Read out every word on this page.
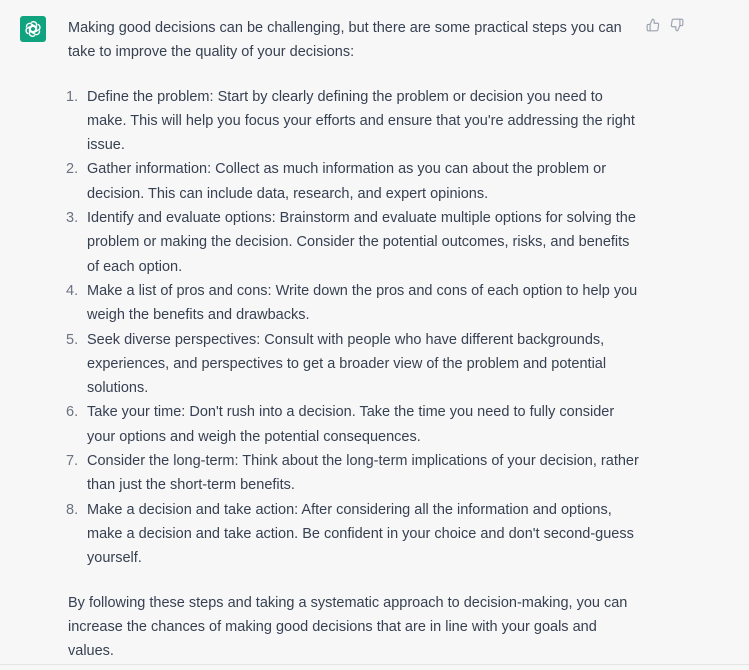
Making good decisions can be challenging, but there are some practical steps you can take to improve the quality of your decisions:

1 . Define the problem: Start by clearly defining the problem or decision you need to make. This will help you focus your efforts and ensure that you're addressing the right issue.
2 . Gather information: Collect as much information as you can about the problem or decision. This can include data, research, and expert opinions.
3 . Identify and evaluate options: Brainstorm and evaluate multiple options for solving the problem or making the decision. Consider the potential outcomes, risks, and benefits of each option.
4 . Make a list of pros and cons: Write down the pros and cons of each option to help you weigh the benefits and drawbacks.
5 . Seek diverse perspectives: Consult with people who have different backgrounds, experiences, and perspectives to get a broader view of the problem and potential solutions.
6 . Take your time: Don't rush into a decision. Take the time you need to fully consider your options and weigh the potential consequences.
7 . Consider the long-term: Think about the long-term implications of your decision, rather than just the short-term benefits.
8 . Make a decision and take action: After considering all the information and options, make a decision and take action. Be confident in your choice and don't second-guess yourself.

By following these steps and taking a systematic approach to decision-making, you can increase the chances of making good decisions that are in line with your goals and values.
